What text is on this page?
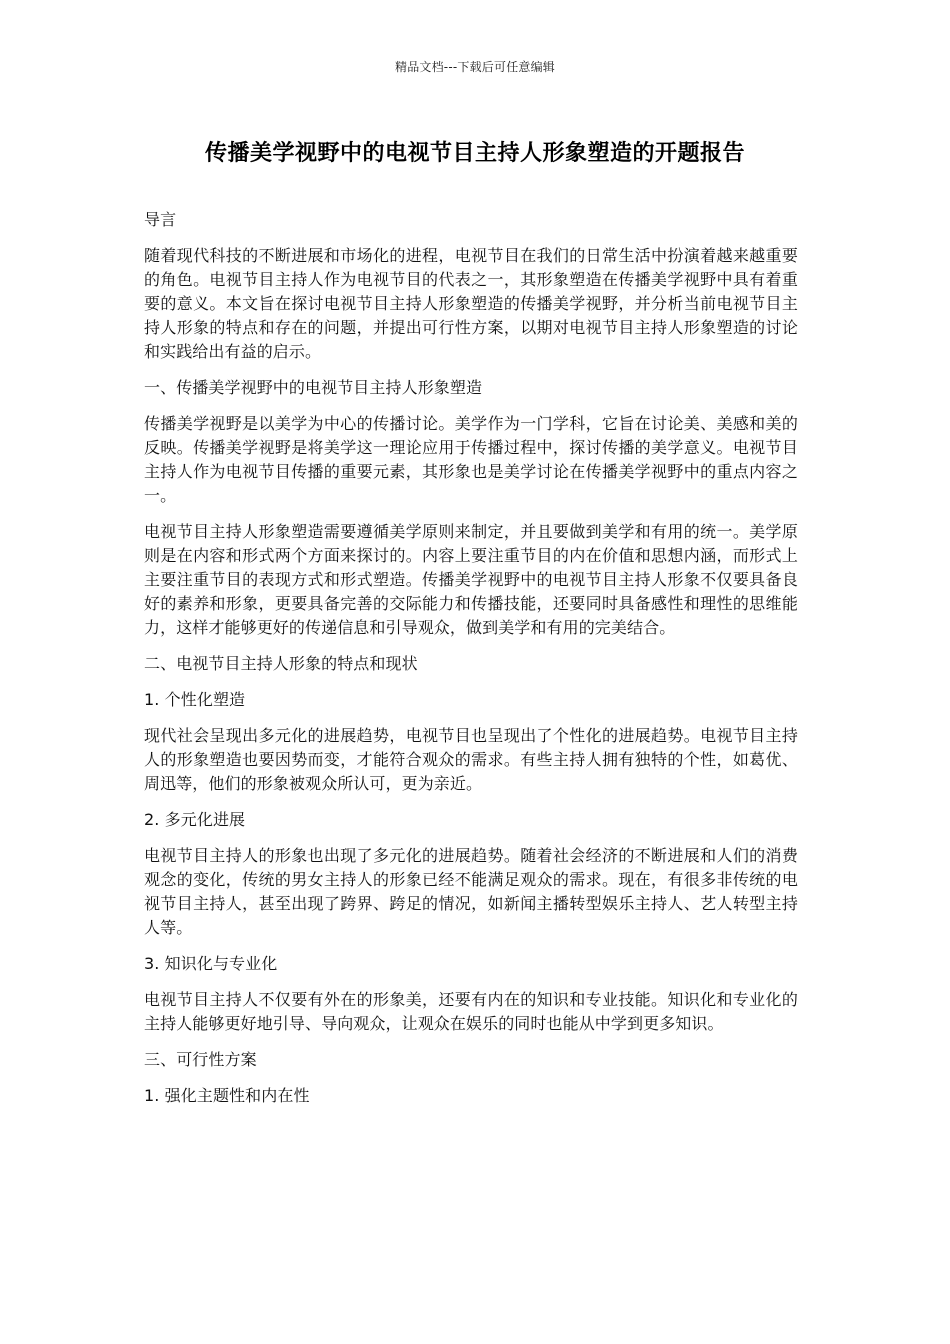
精品文档---下载后可任意编辑
传播美学视野中的电视节目主持人形象塑造的开题报告

导言

随着现代科技的不断进展和市场化的进程，电视节目在我们的日常生活中扮演着越来越重要的角色。电视节目主持人作为电视节目的代表之一，其形象塑造在传播美学视野中具有着重要的意义。本文旨在探讨电视节目主持人形象塑造的传播美学视野，并分析当前电视节目主持人形象的特点和存在的问题，并提出可行性方案，以期对电视节目主持人形象塑造的讨论和实践给出有益的启示。

一、传播美学视野中的电视节目主持人形象塑造

传播美学视野是以美学为中心的传播讨论。美学作为一门学科，它旨在讨论美、美感和美的反映。传播美学视野是将美学这一理论应用于传播过程中，探讨传播的美学意义。电视节目主持人作为电视节目传播的重要元素，其形象也是美学讨论在传播美学视野中的重点内容之一。

电视节目主持人形象塑造需要遵循美学原则来制定，并且要做到美学和有用的统一。美学原则是在内容和形式两个方面来探讨的。内容上要注重节目的内在价值和思想内涵，而形式上主要注重节目的表现方式和形式塑造。传播美学视野中的电视节目主持人形象不仅要具备良好的素养和形象，更要具备完善的交际能力和传播技能，还要同时具备感性和理性的思维能力，这样才能够更好的传递信息和引导观众，做到美学和有用的完美结合。

二、电视节目主持人形象的特点和现状

1. 个性化塑造

现代社会呈现出多元化的进展趋势，电视节目也呈现出了个性化的进展趋势。电视节目主持人的形象塑造也要因势而变，才能符合观众的需求。有些主持人拥有独特的个性，如葛优、周迅等，他们的形象被观众所认可，更为亲近。

2. 多元化进展

电视节目主持人的形象也出现了多元化的进展趋势。随着社会经济的不断进展和人们的消费观念的变化，传统的男女主持人的形象已经不能满足观众的需求。现在，有很多非传统的电视节目主持人，甚至出现了跨界、跨足的情况，如新闻主播转型娱乐主持人、艺人转型主持人等。

3. 知识化与专业化

电视节目主持人不仅要有外在的形象美，还要有内在的知识和专业技能。知识化和专业化的主持人能够更好地引导、导向观众，让观众在娱乐的同时也能从中学到更多知识。

三、可行性方案

1. 强化主题性和内在性
